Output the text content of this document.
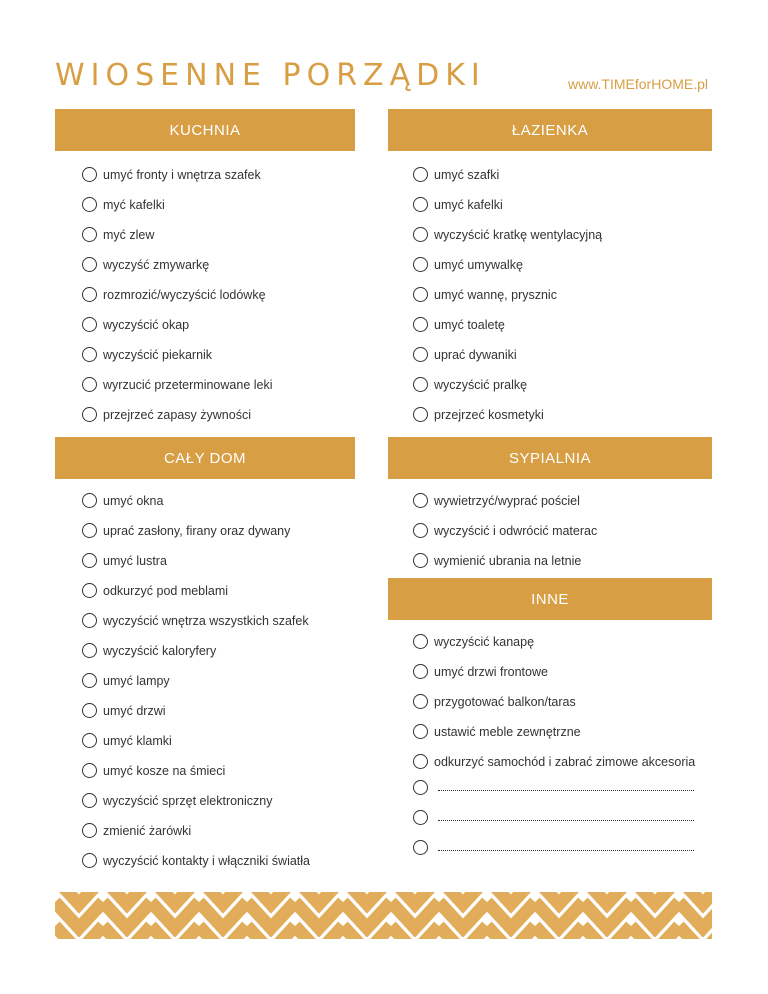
WIOSENNE PORZĄDKI	www.TIMEforHOME.pl
KUCHNIA	ŁAZIENKA
CAŁY DOM	SYPIALNIA
INNE
umyć fronty i wnętrza szafek
myć kafelki
myć zlew
wyczyść zmywarkę
rozmrozić/wyczyścić lodówkę
wyczyścić okap
wyczyścić piekarnik
wyrzucić przeterminowane leki
przejrzeć zapasy żywności
umyć szafki
umyć kafelki
wyczyścić kratkę wentylacyjną
umyć umywalkę
umyć wannę, prysznic
umyć toaletę
uprać dywaniki
wyczyścić pralkę
przejrzeć kosmetyki
umyć okna
uprać zasłony, firany oraz dywany
umyć lustra
odkurzyć pod meblami
wyczyścić wnętrza wszystkich szafek
wyczyścić kaloryfery
umyć lampy
umyć drzwi
umyć klamki
umyć kosze na śmieci
wyczyścić sprzęt elektroniczny
zmienić żarówki
wyczyścić kontakty i włączniki światła
wywietrzyć/wyprać pościel
wyczyścić i odwrócić materac
wymienić ubrania na letnie
wyczyścić kanapę
umyć drzwi frontowe
przygotować balkon/taras
ustawić meble zewnętrzne
odkurzyć samochód i zabrać zimowe akcesoria
